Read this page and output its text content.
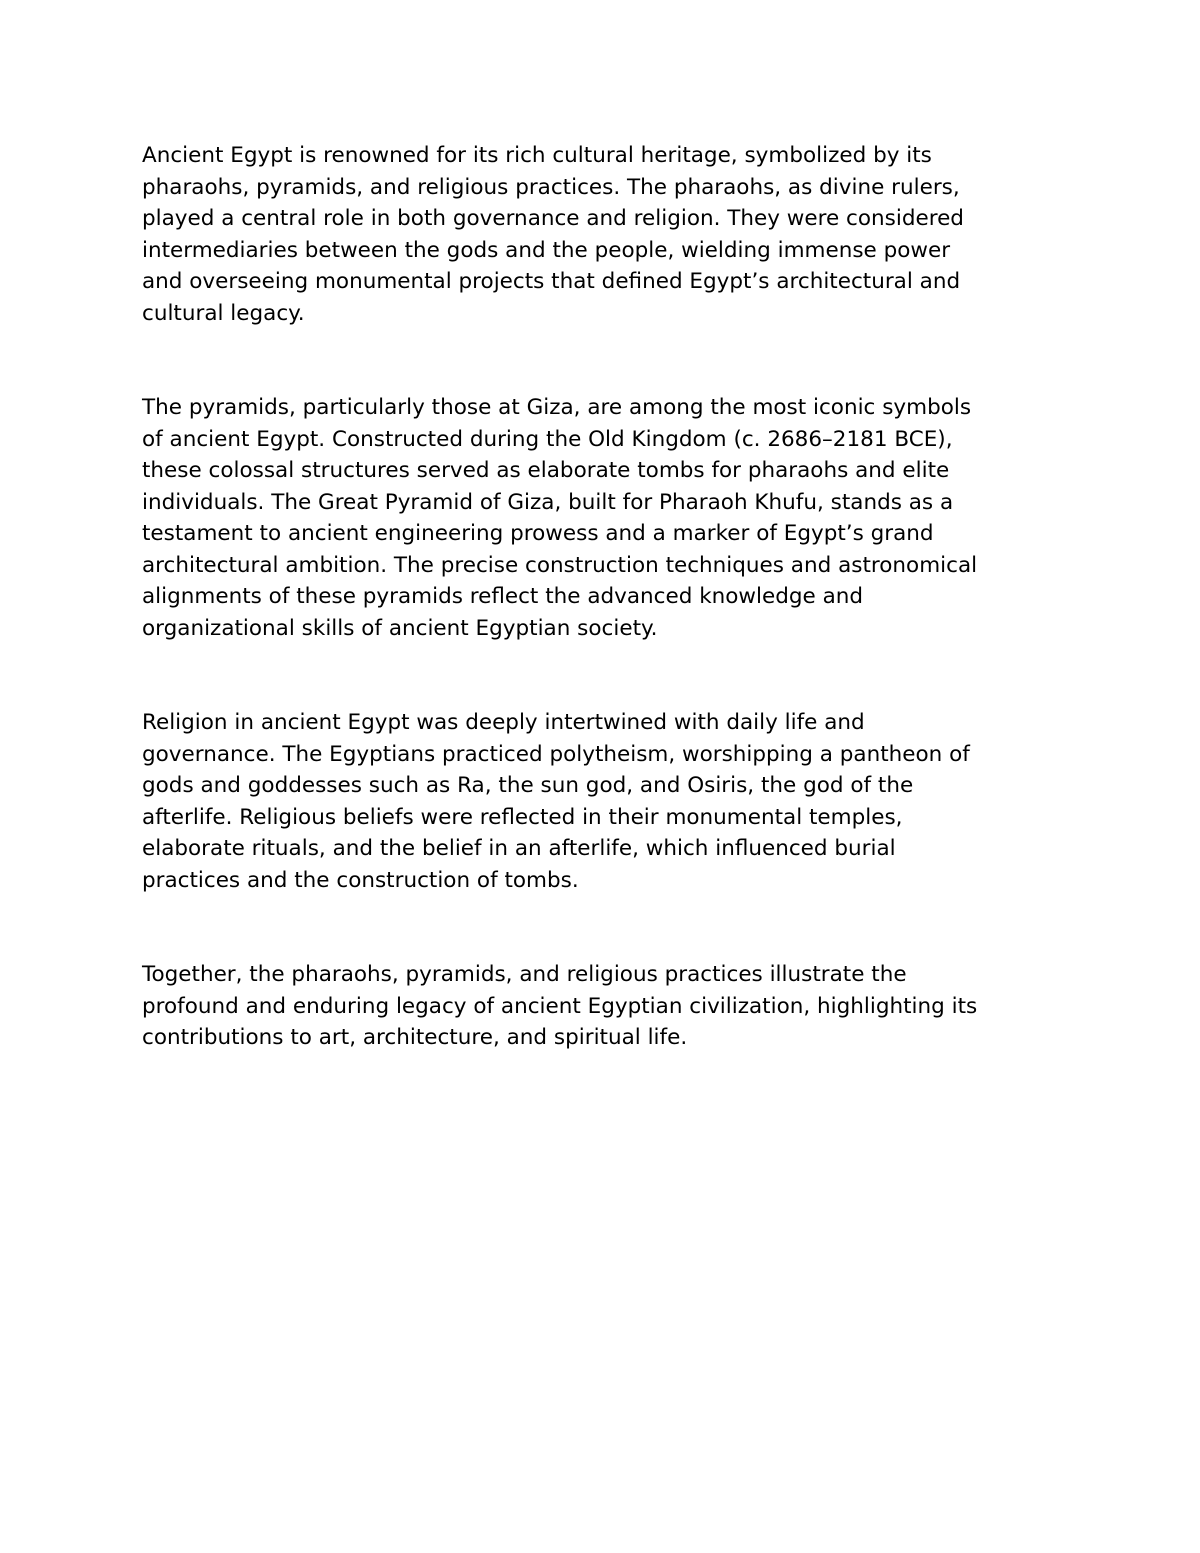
Ancient Egypt is renowned for its rich cultural heritage, symbolized by its
pharaohs, pyramids, and religious practices. The pharaohs, as divine rulers,
played a central role in both governance and religion. They were considered
intermediaries between the gods and the people, wielding immense power
and overseeing monumental projects that defined Egypt’s architectural and
cultural legacy.

The pyramids, particularly those at Giza, are among the most iconic symbols
of ancient Egypt. Constructed during the Old Kingdom (c. 2686–2181 BCE),
these colossal structures served as elaborate tombs for pharaohs and elite
individuals. The Great Pyramid of Giza, built for Pharaoh Khufu, stands as a
testament to ancient engineering prowess and a marker of Egypt’s grand
architectural ambition. The precise construction techniques and astronomical
alignments of these pyramids reflect the advanced knowledge and
organizational skills of ancient Egyptian society.

Religion in ancient Egypt was deeply intertwined with daily life and
governance. The Egyptians practiced polytheism, worshipping a pantheon of
gods and goddesses such as Ra, the sun god, and Osiris, the god of the
afterlife. Religious beliefs were reflected in their monumental temples,
elaborate rituals, and the belief in an afterlife, which influenced burial
practices and the construction of tombs.

Together, the pharaohs, pyramids, and religious practices illustrate the
profound and enduring legacy of ancient Egyptian civilization, highlighting its
contributions to art, architecture, and spiritual life.
